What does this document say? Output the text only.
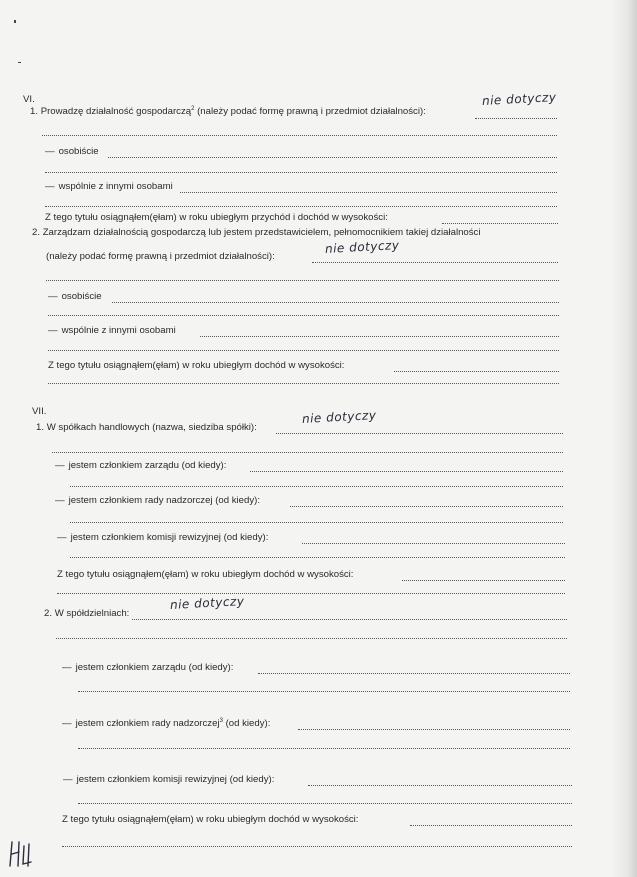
VI.
1. Prowadzę działalność gospodarczą$^2$ (należy podać formę prawną i przedmiot działalności):
nie dotyczy
— osobiście
— wspólnie z innymi osobami
Z tego tytułu osiągnąłem(ęłam) w roku ubiegłym przychód i dochód w wysokości:
2. Zarządzam działalnością gospodarczą lub jestem przedstawicielem, pełnomocnikiem takiej działalności
(należy podać formę prawną i przedmiot działalności):
nie dotyczy
— osobiście
— wspólnie z innymi osobami
Z tego tytułu osiągnąłem(ęłam) w roku ubiegłym dochód w wysokości:
VII.
1. W spółkach handlowych (nazwa, siedziba spółki):
nie dotyczy
— jestem członkiem zarządu (od kiedy):
— jestem członkiem rady nadzorczej (od kiedy):
— jestem członkiem komisji rewizyjnej (od kiedy):
Z tego tytułu osiągnąłem(ęłam) w roku ubiegłym dochód w wysokości:
2. W spółdzielniach:
nie dotyczy
— jestem członkiem zarządu (od kiedy):
— jestem członkiem rady nadzorczej$^3$ (od kiedy):
— jestem członkiem komisji rewizyjnej (od kiedy):
Z tego tytułu osiągnąłem(ęłam) w roku ubiegłym dochód w wysokości:
